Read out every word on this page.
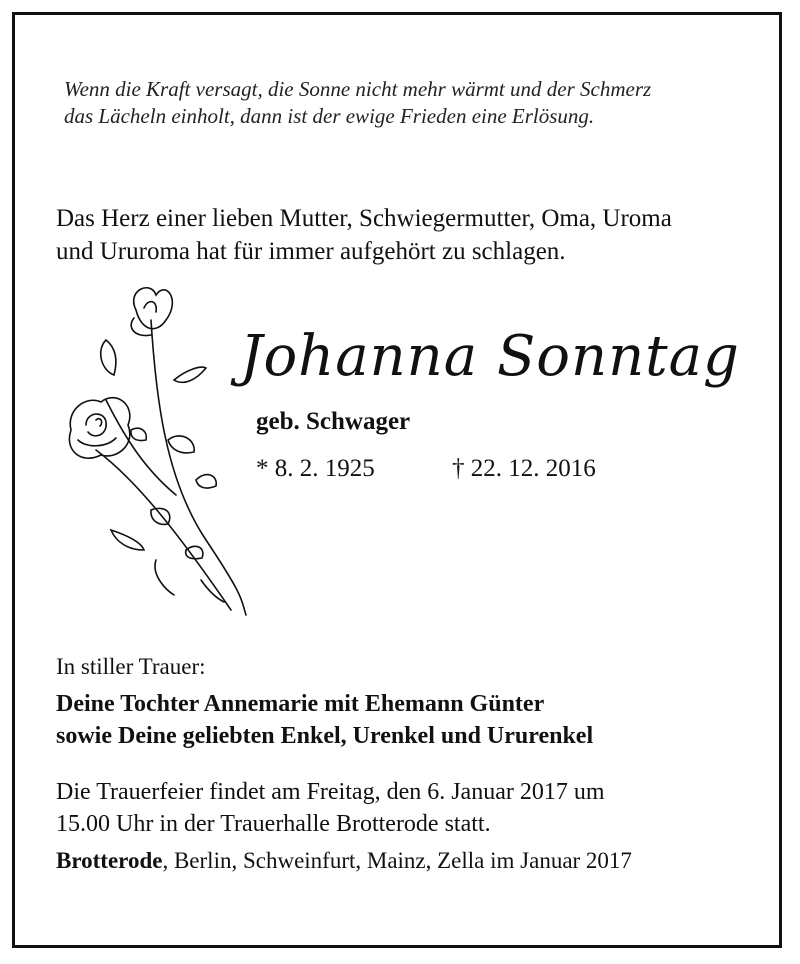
Wenn die Kraft versagt, die Sonne nicht mehr wärmt und der Schmerz
das Lächeln einholt, dann ist der ewige Frieden eine Erlösung.
Das Herz einer lieben Mutter, Schwiegermutter, Oma, Uroma
und Ururoma hat für immer aufgehört zu schlagen.
Johanna Sonntag
geb. Schwager
* 8. 2. 1925	† 22. 12. 2016
In stiller Trauer:
Deine Tochter Annemarie mit Ehemann Günter
sowie Deine geliebten Enkel, Urenkel und Ururenkel
Die Trauerfeier findet am Freitag, den 6. Januar 2017 um
15.00 Uhr in der Trauerhalle Brotterode statt.
Brotterode, Berlin, Schweinfurt, Mainz, Zella im Januar 2017
